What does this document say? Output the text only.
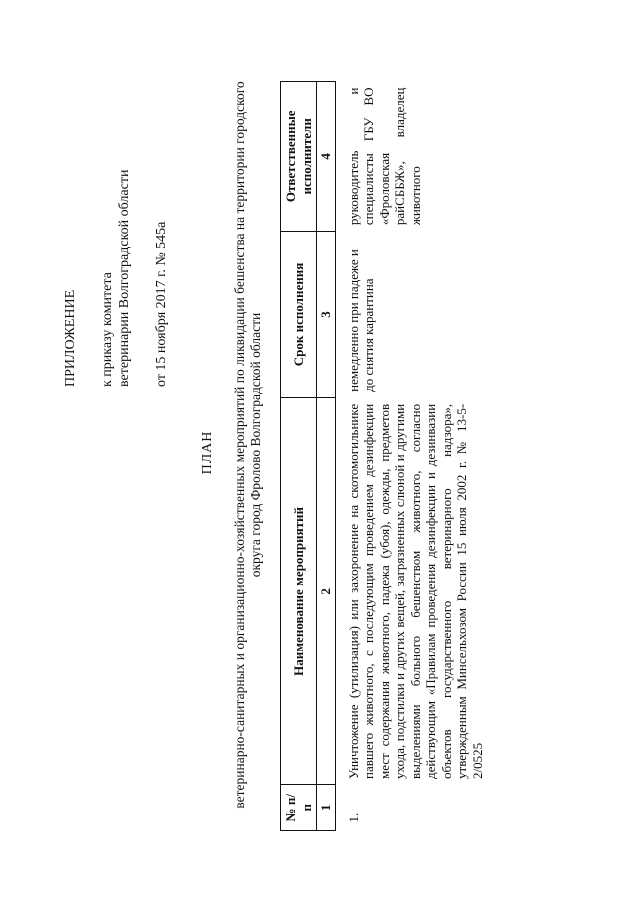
ПРИЛОЖЕНИЕ к приказу комитета ветеринарии Волгоградской области от 15 ноября 2017 г. № 545а

ПЛАН ветеринарно-санитарных и организационно-хозяйственных мероприятий по ликвидации бешенства на территории городского округа город Фролово Волгоградской области
№ п/п	Наименование мероприятий	Срок исполнения	Ответственные исполнители
1	2	3	4
1.	Уничтожение (утилизация) или захоронение на скотомогильнике павшего животного, с последующим проведением дезинфекции мест содержания животного, падежа (убоя), одежды, предметов ухода, подстилки и других вещей, загрязненных слюной и другими выделениями больного бешенством животного, согласно действующим «Правилам проведения дезинфекции и дезинвазии объектов государственного ветеринарного надзора», утвержденным Минсельхозом России 15 июля 2002 г. № 13-5-2/0525	немедленно при падеже и до снятия карантина	руководитель и специалисты ГБУ ВО «Фроловская райСББЖ», владелец животного
